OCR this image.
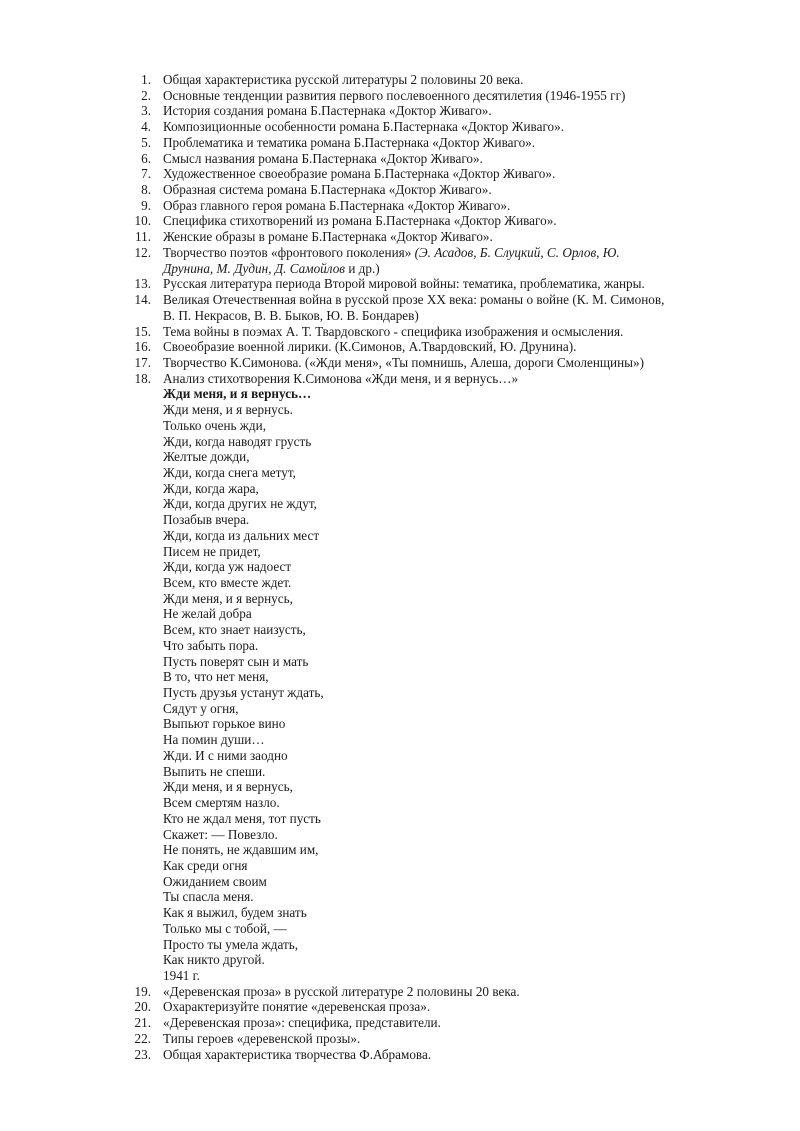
1. Общая характеристика русской литературы 2 половины 20 века.
2. Основные тенденции развития первого послевоенного десятилетия (1946-1955 гг)
3. История создания романа Б.Пастернака «Доктор Живаго».
4. Композиционные особенности романа Б.Пастернака «Доктор Живаго».
5. Проблематика и тематика романа Б.Пастернака «Доктор Живаго».
6. Смысл названия романа Б.Пастернака «Доктор Живаго».
7. Художественное своеобразие романа Б.Пастернака «Доктор Живаго».
8. Образная система романа Б.Пастернака «Доктор Живаго».
9. Образ главного героя романа Б.Пастернака «Доктор Живаго».
10. Специфика стихотворений из романа Б.Пастернака «Доктор Живаго».
11. Женские образы в романе Б.Пастернака «Доктор Живаго».
12. Творчество поэтов «фронтового поколения» (Э. Асадов, Б. Слуцкий, С. Орлов, Ю. Друнина, М. Дудин, Д. Самойлов и др.)
13. Русская литература периода Второй мировой войны: тематика, проблематика, жанры.
14. Великая Отечественная война в русской прозе ХХ века: романы о войне (К. М. Симонов, В. П. Некрасов, В. В. Быков, Ю. В. Бондарев)
15. Тема войны в поэмах А. Т. Твардовского - специфика изображения и осмысления.
16. Своеобразие военной лирики. (К.Симонов, А.Твардовский, Ю. Друнина).
17. Творчество К.Симонова. («Жди меня», «Ты помнишь, Алеша, дороги Смоленщины»)
18. Анализ стихотворения К.Симонова «Жди меня, и я вернусь…»
Жди меня, и я вернусь…
Жди меня, и я вернусь.
Только очень жди,
Жди, когда наводят грусть
Желтые дожди,
Жди, когда снега метут,
Жди, когда жара,
Жди, когда других не ждут,
Позабыв вчера.
Жди, когда из дальних мест
Писем не придет,
Жди, когда уж надоест
Всем, кто вместе ждет.
Жди меня, и я вернусь,
Не желай добра
Всем, кто знает наизусть,
Что забыть пора.
Пусть поверят сын и мать
В то, что нет меня,
Пусть друзья устанут ждать,
Сядут у огня,
Выпьют горькое вино
На помин души…
Жди. И с ними заодно
Выпить не спеши.
Жди меня, и я вернусь,
Всем смертям назло.
Кто не ждал меня, тот пусть
Скажет: — Повезло.
Не понять, не ждавшим им,
Как среди огня
Ожиданием своим
Ты спасла меня.
Как я выжил, будем знать
Только мы с тобой, —
Просто ты умела ждать,
Как никто другой.
1941 г.
19. «Деревенская проза» в русской литературе 2 половины 20 века.
20. Охарактеризуйте понятие «деревенская проза».
21. «Деревенская проза»: специфика, представители.
22. Типы героев «деревенской прозы».
23. Общая характеристика творчества Ф.Абрамова.
